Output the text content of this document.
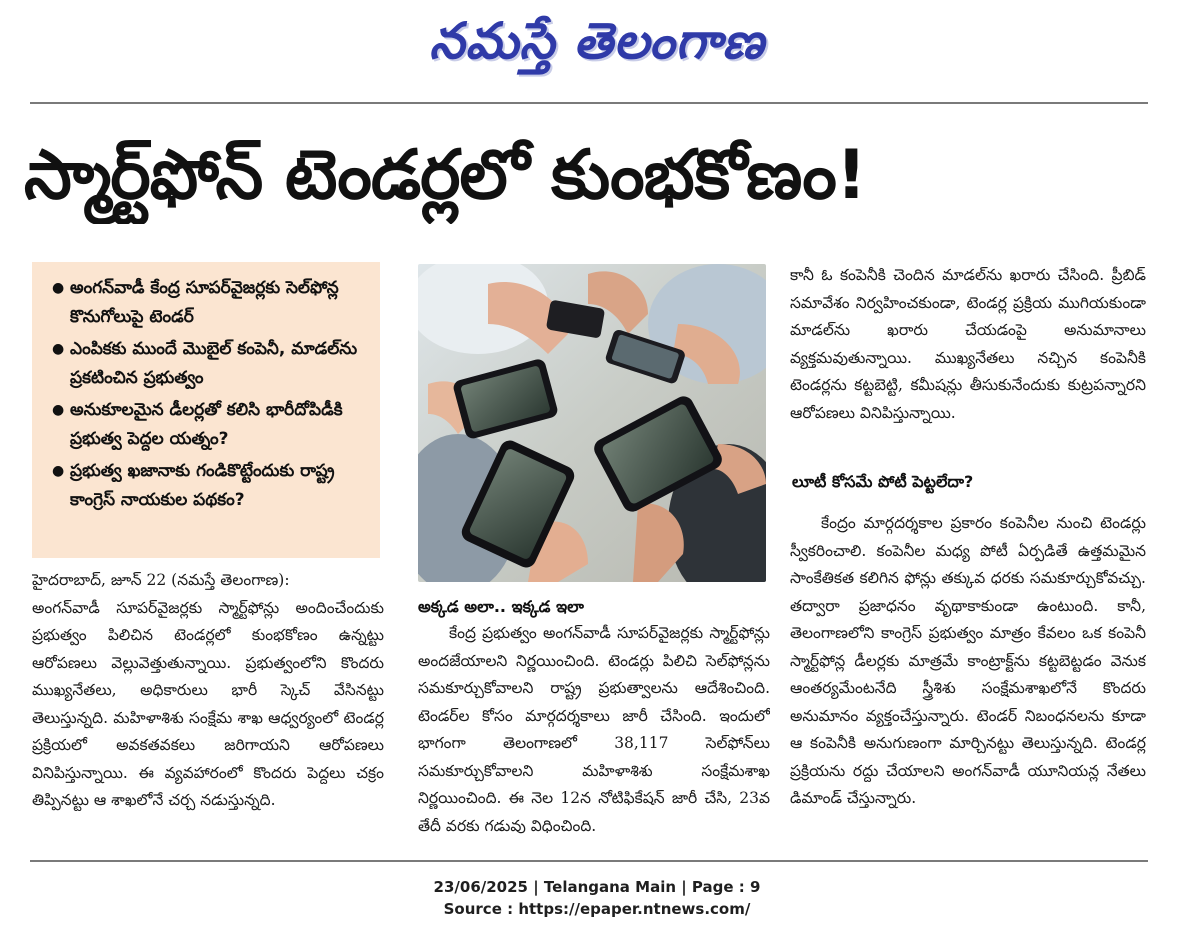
నమస్తే తెలంగాణ
స్మార్ట్‌ఫోన్ టెండర్లలో కుంభకోణం!
● అంగన్‌వాడీ కేంద్ర సూపర్‌వైజర్లకు సెల్‌ఫోన్ల కొనుగోలుపై టెండర్
● ఎంపికకు ముందే మొబైల్ కంపెనీ, మాడల్‌ను ప్రకటించిన ప్రభుత్వం
● అనుకూలమైన డీలర్లతో కలిసి భారీదోపిడీకి ప్రభుత్వ పెద్దల యత్నం?
● ప్రభుత్వ ఖజానాకు గండికొట్టేందుకు రాష్ట్ర కాంగ్రెస్ నాయకుల పథకం?

హైదరాబాద్, జూన్ 22 (నమస్తే తెలంగాణ):

అంగన్‌వాడీ సూపర్‌వైజర్లకు స్మార్ట్‌ఫోన్లు అందించేందుకు ప్రభుత్వం పిలిచిన టెండర్లలో కుంభకోణం ఉన్నట్టు ఆరోపణలు వెల్లువెత్తుతున్నాయి. ప్రభుత్వంలోని కొందరు ముఖ్యనేతలు, అధికారులు భారీ స్కెచ్ వేసినట్టు తెలుస్తున్నది. మహిళాశిశు సంక్షేమ శాఖ ఆధ్వర్యంలో టెండర్ల ప్రక్రియలో అవకతవకలు జరిగాయని ఆరోపణలు వినిపిస్తున్నాయి. ఈ వ్యవహారంలో కొందరు పెద్దలు చక్రం తిప్పినట్టు ఆ శాఖలోనే చర్చ నడుస్తున్నది.

అక్కడ అలా.. ఇక్కడ ఇలా

కేంద్ర ప్రభుత్వం అంగన్‌వాడీ సూపర్‌వైజర్లకు స్మార్ట్‌ఫోన్లు అందజేయాలని నిర్ణయించింది. టెండర్లు పిలిచి సెల్‌ఫోన్లను సమకూర్చుకోవాలని రాష్ట్ర ప్రభుత్వాలను ఆదేశించింది. టెండర్‌ల కోసం మార్గదర్శకాలు జారీ చేసింది. ఇందులో భాగంగా తెలంగాణలో 38,117 సెల్‌ఫోన్‌లు సమకూర్చుకోవాలని మహిళాశిశు సంక్షేమశాఖ నిర్ణయించింది. ఈ నెల 12న నోటిఫికేషన్ జారీ చేసి, 23వ తేదీ వరకు గడువు విధించింది.

కానీ ఓ కంపెనీకి చెందిన మాడల్‌ను ఖరారు చేసింది. ప్రీబిడ్ సమావేశం నిర్వహించకుండా, టెండర్ల ప్రక్రియ ముగియకుండా మాడల్‌ను ఖరారు చేయడంపై అనుమానాలు వ్యక్తమవుతున్నాయి. ముఖ్యనేతలు నచ్చిన కంపెనీకి టెండర్లను కట్టబెట్టి, కమీషన్లు తీసుకునేందుకు కుట్రపన్నారని ఆరోపణలు వినిపిస్తున్నాయి.

లూటీ కోసమే పోటీ పెట్టలేదా?

కేంద్రం మార్గదర్శకాల ప్రకారం కంపెనీల నుంచి టెండర్లు స్వీకరించాలి. కంపెనీల మధ్య పోటీ ఏర్పడితే ఉత్తమమైన సాంకేతికత కలిగిన ఫోన్లు తక్కువ ధరకు సమకూర్చుకోవచ్చు. తద్వారా ప్రజాధనం వృథాకాకుండా ఉంటుంది. కానీ, తెలంగాణలోని కాంగ్రెస్ ప్రభుత్వం మాత్రం కేవలం ఒక కంపెనీ స్మార్ట్‌ఫోన్ల డీలర్లకు మాత్రమే కాంట్రాక్ట్‌ను కట్టబెట్టడం వెనుక ఆంతర్యమేంటనేది స్త్రీశిశు సంక్షేమశాఖలోనే కొందరు అనుమానం వ్యక్తంచేస్తున్నారు. టెండర్ నిబంధనలను కూడా ఆ కంపెనీకి అనుగుణంగా మార్చినట్టు తెలుస్తున్నది. టెండర్ల ప్రక్రియను రద్దు చేయాలని అంగన్‌వాడీ యూనియన్ల నేతలు డిమాండ్ చేస్తున్నారు.

23/06/2025 | Telangana Main | Page : 9
Source : https://epaper.ntnews.com/
